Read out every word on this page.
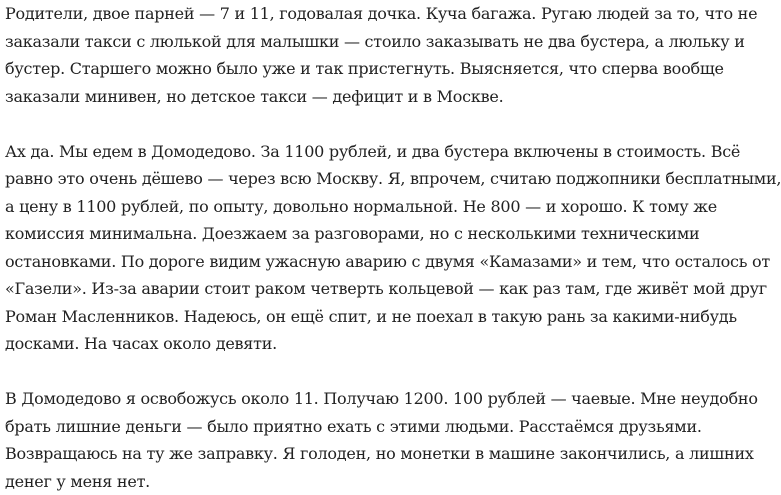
Родители, двое парней — 7 и 11, годовалая дочка. Куча багажа. Ругаю людей за то, что не
заказали такси с люлькой для малышки — стоило заказывать не два бустера, а люльку и
бустер. Старшего можно было уже и так пристегнуть. Выясняется, что сперва вообще
заказали минивен, но детское такси — дефицит и в Москве.

Ах да. Мы едем в Домодедово. За 1100 рублей, и два бустера включены в стоимость. Всё
равно это очень дёшево — через всю Москву. Я, впрочем, считаю поджопники бесплатными,
а цену в 1100 рублей, по опыту, довольно нормальной. Не 800 — и хорошо. К тому же
комиссия минимальна. Доезжаем за разговорами, но с несколькими техническими
остановками. По дороге видим ужасную аварию с двумя «Камазами» и тем, что осталось от
«Газели». Из-за аварии стоит раком четверть кольцевой — как раз там, где живёт мой друг
Роман Масленников. Надеюсь, он ещё спит, и не поехал в такую рань за какими-нибудь
досками. На часах около девяти.

В Домодедово я освобожусь около 11. Получаю 1200. 100 рублей — чаевые. Мне неудобно
брать лишние деньги — было приятно ехать с этими людьми. Расстаёмся друзьями.
Возвращаюсь на ту же заправку. Я голоден, но монетки в машине закончились, а лишних
денег у меня нет.
